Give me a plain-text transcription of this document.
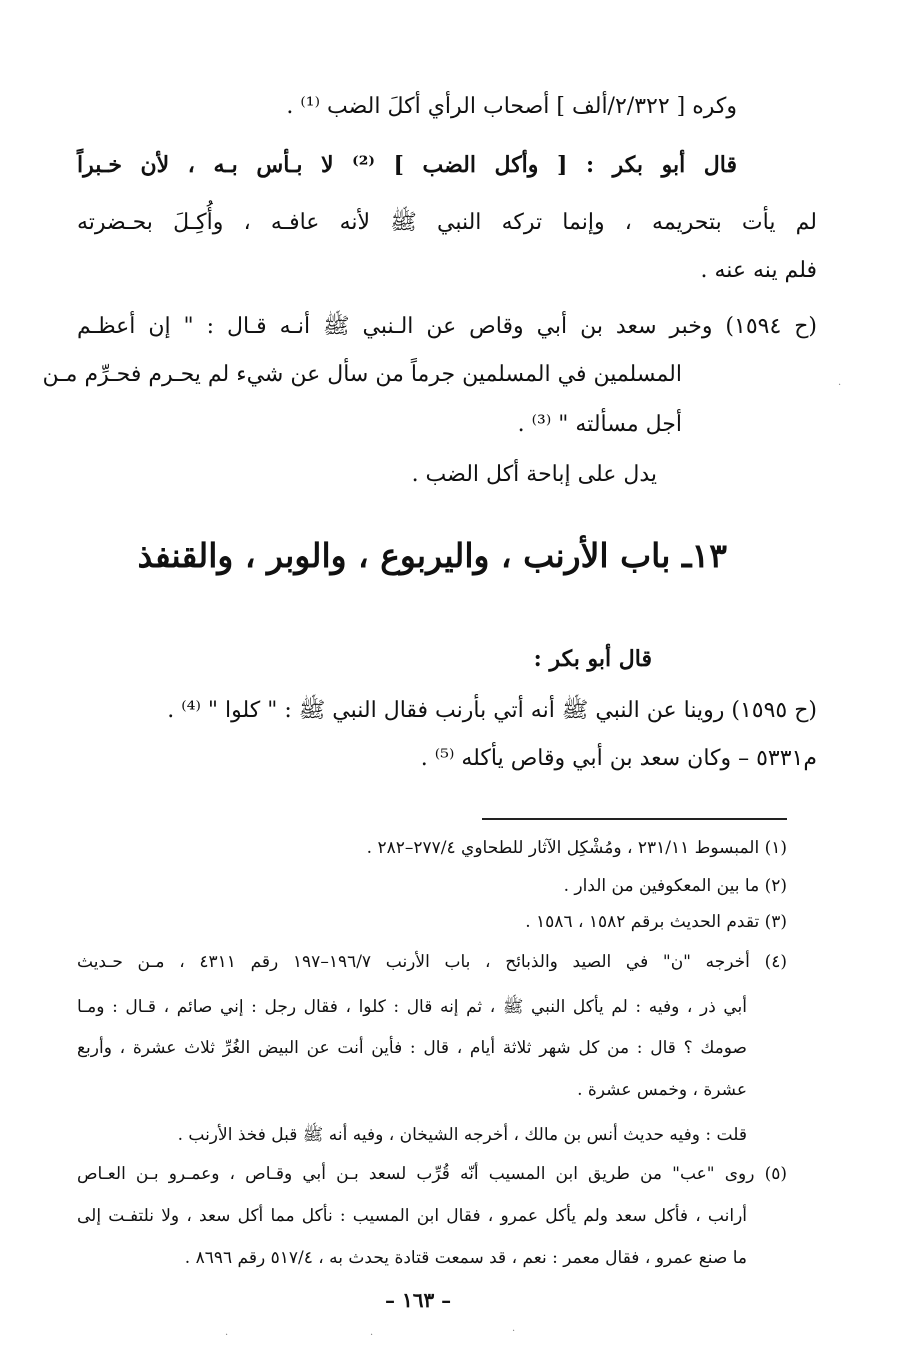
وكره [ ٢/٣٢٢/ألف ] أصحاب الرأي أكلَ الضب ⁽¹⁾ .
قال أبو بكر : [ وأكل الضب ] ⁽²⁾ لا بـأس بـه ، لأن خـبراً
لم يأت بتحريمه ، وإنما تركه النبي ﷺ لأنه عافـه ، وأُكِـلَ بحـضرته
فلم ينه عنه .
(ح ١٥٩٤) وخبر سعد بن أبي وقاص عن الـنبي ﷺ أنـه قـال : " إن أعظـم
المسلمين في المسلمين جرماً من سأل عن شيء لم يحـرم فحـرِّم مـن
أجل مسألته " ⁽³⁾ .
يدل على إباحة أكل الضب .
١٣ـ باب الأرنب ، واليربوع ، والوبر ، والقنفذ
قال أبو بكر :
(ح ١٥٩٥) روينا عن النبي ﷺ أنه أتي بأرنب فقال النبي ﷺ : " كلوا " ⁽⁴⁾ .
م٥٣٣١ – وكان سعد بن أبي وقاص يأكله ⁽⁵⁾ .
(١) المبسوط ٢٣١/١١ ، ومُشْكِل الآثار للطحاوي ٢٧٧/٤–٢٨٢ .
(٢) ما بين المعكوفين من الدار .
(٣) تقدم الحديث برقم ١٥٨٢ ، ١٥٨٦ .
(٤) أخرجه "ن" في الصيد والذبائح ، باب الأرنب ١٩٦/٧–١٩٧ رقم ٤٣١١ ، مـن حـديث
أبي ذر ، وفيه : لم يأكل النبي ﷺ ، ثم إنه قال : كلوا ، فقال رجل : إني صائم ، قـال : ومـا
صومك ؟ قال : من كل شهر ثلاثة أيام ، قال : فأين أنت عن البيض الغُرِّ ثلاث عشرة ، وأربع
عشرة ، وخمس عشرة .
قلت : وفيه حديث أنس بن مالك ، أخرجه الشيخان ، وفيه أنه ﷺ قبل فخذ الأرنب .
(٥) روى "عب" من طريق ابن المسيب أنّه قُرِّب لسعد بـن أبي وقـاص ، وعمـرو بـن العـاص
أرانب ، فأكل سعد ولم يأكل عمرو ، فقال ابن المسيب : نأكل مما أكل سعد ، ولا نلتفـت إلى
ما صنع عمرو ، فقال معمر : نعم ، قد سمعت قتادة يحدث به ، ٥١٧/٤ رقم ٨٦٩٦ .
– ١٦٣ –
·
·	·	·
